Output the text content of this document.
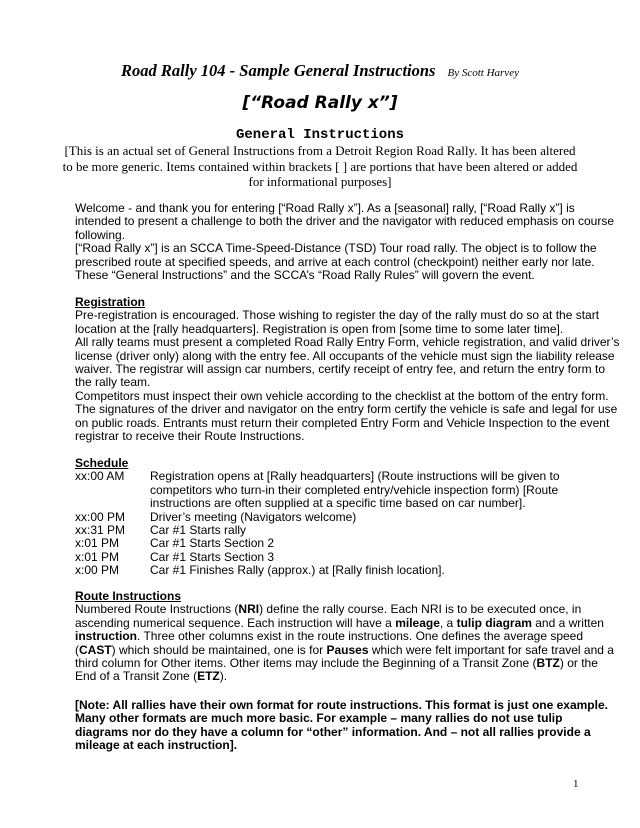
Road Rally 104 - Sample General Instructions By Scott Harvey
[“Road Rally x”]
General Instructions
[This is an actual set of General Instructions from a Detroit Region Road Rally. It has been altered
to be more generic. Items contained within brackets [ ] are portions that have been altered or added
for informational purposes]
Welcome - and thank you for entering [“Road Rally x”]. As a [seasonal] rally, [“Road Rally x”] is
intended to present a challenge to both the driver and the navigator with reduced emphasis on course
following.
[“Road Rally x”] is an SCCA Time-Speed-Distance (TSD) Tour road rally. The object is to follow the
prescribed route at specified speeds, and arrive at each control (checkpoint) neither early nor late.
These “General Instructions” and the SCCA’s “Road Rally Rules” will govern the event.
Registration
Pre-registration is encouraged. Those wishing to register the day of the rally must do so at the start
location at the [rally headquarters]. Registration is open from [some time to some later time].
All rally teams must present a completed Road Rally Entry Form, vehicle registration, and valid driver’s
license (driver only) along with the entry fee. All occupants of the vehicle must sign the liability release
waiver. The registrar will assign car numbers, certify receipt of entry fee, and return the entry form to
the rally team.
Competitors must inspect their own vehicle according to the checklist at the bottom of the entry form.
The signatures of the driver and navigator on the entry form certify the vehicle is safe and legal for use
on public roads. Entrants must return their completed Entry Form and Vehicle Inspection to the event
registrar to receive their Route Instructions.
Schedule
xx:00 AM	Registration opens at [Rally headquarters] (Route instructions will be given to
competitors who turn-in their completed entry/vehicle inspection form) [Route
instructions are often supplied at a specific time based on car number].
xx:00 PM	Driver’s meeting (Navigators welcome)
xx:31 PM	Car #1 Starts rally
x:01 PM	Car #1 Starts Section 2
x:01 PM	Car #1 Starts Section 3
x:00 PM	Car #1 Finishes Rally (approx.) at [Rally finish location].
Route Instructions
Numbered Route Instructions (NRI) define the rally course. Each NRI is to be executed once, in
ascending numerical sequence. Each instruction will have a mileage, a tulip diagram and a written
instruction. Three other columns exist in the route instructions. One defines the average speed
(CAST) which should be maintained, one is for Pauses which were felt important for safe travel and a
third column for Other items. Other items may include the Beginning of a Transit Zone (BTZ) or the
End of a Transit Zone (ETZ).
[Note: All rallies have their own format for route instructions. This format is just one example.
Many other formats are much more basic. For example – many rallies do not use tulip
diagrams nor do they have a column for “other” information. And – not all rallies provide a
mileage at each instruction].
1
